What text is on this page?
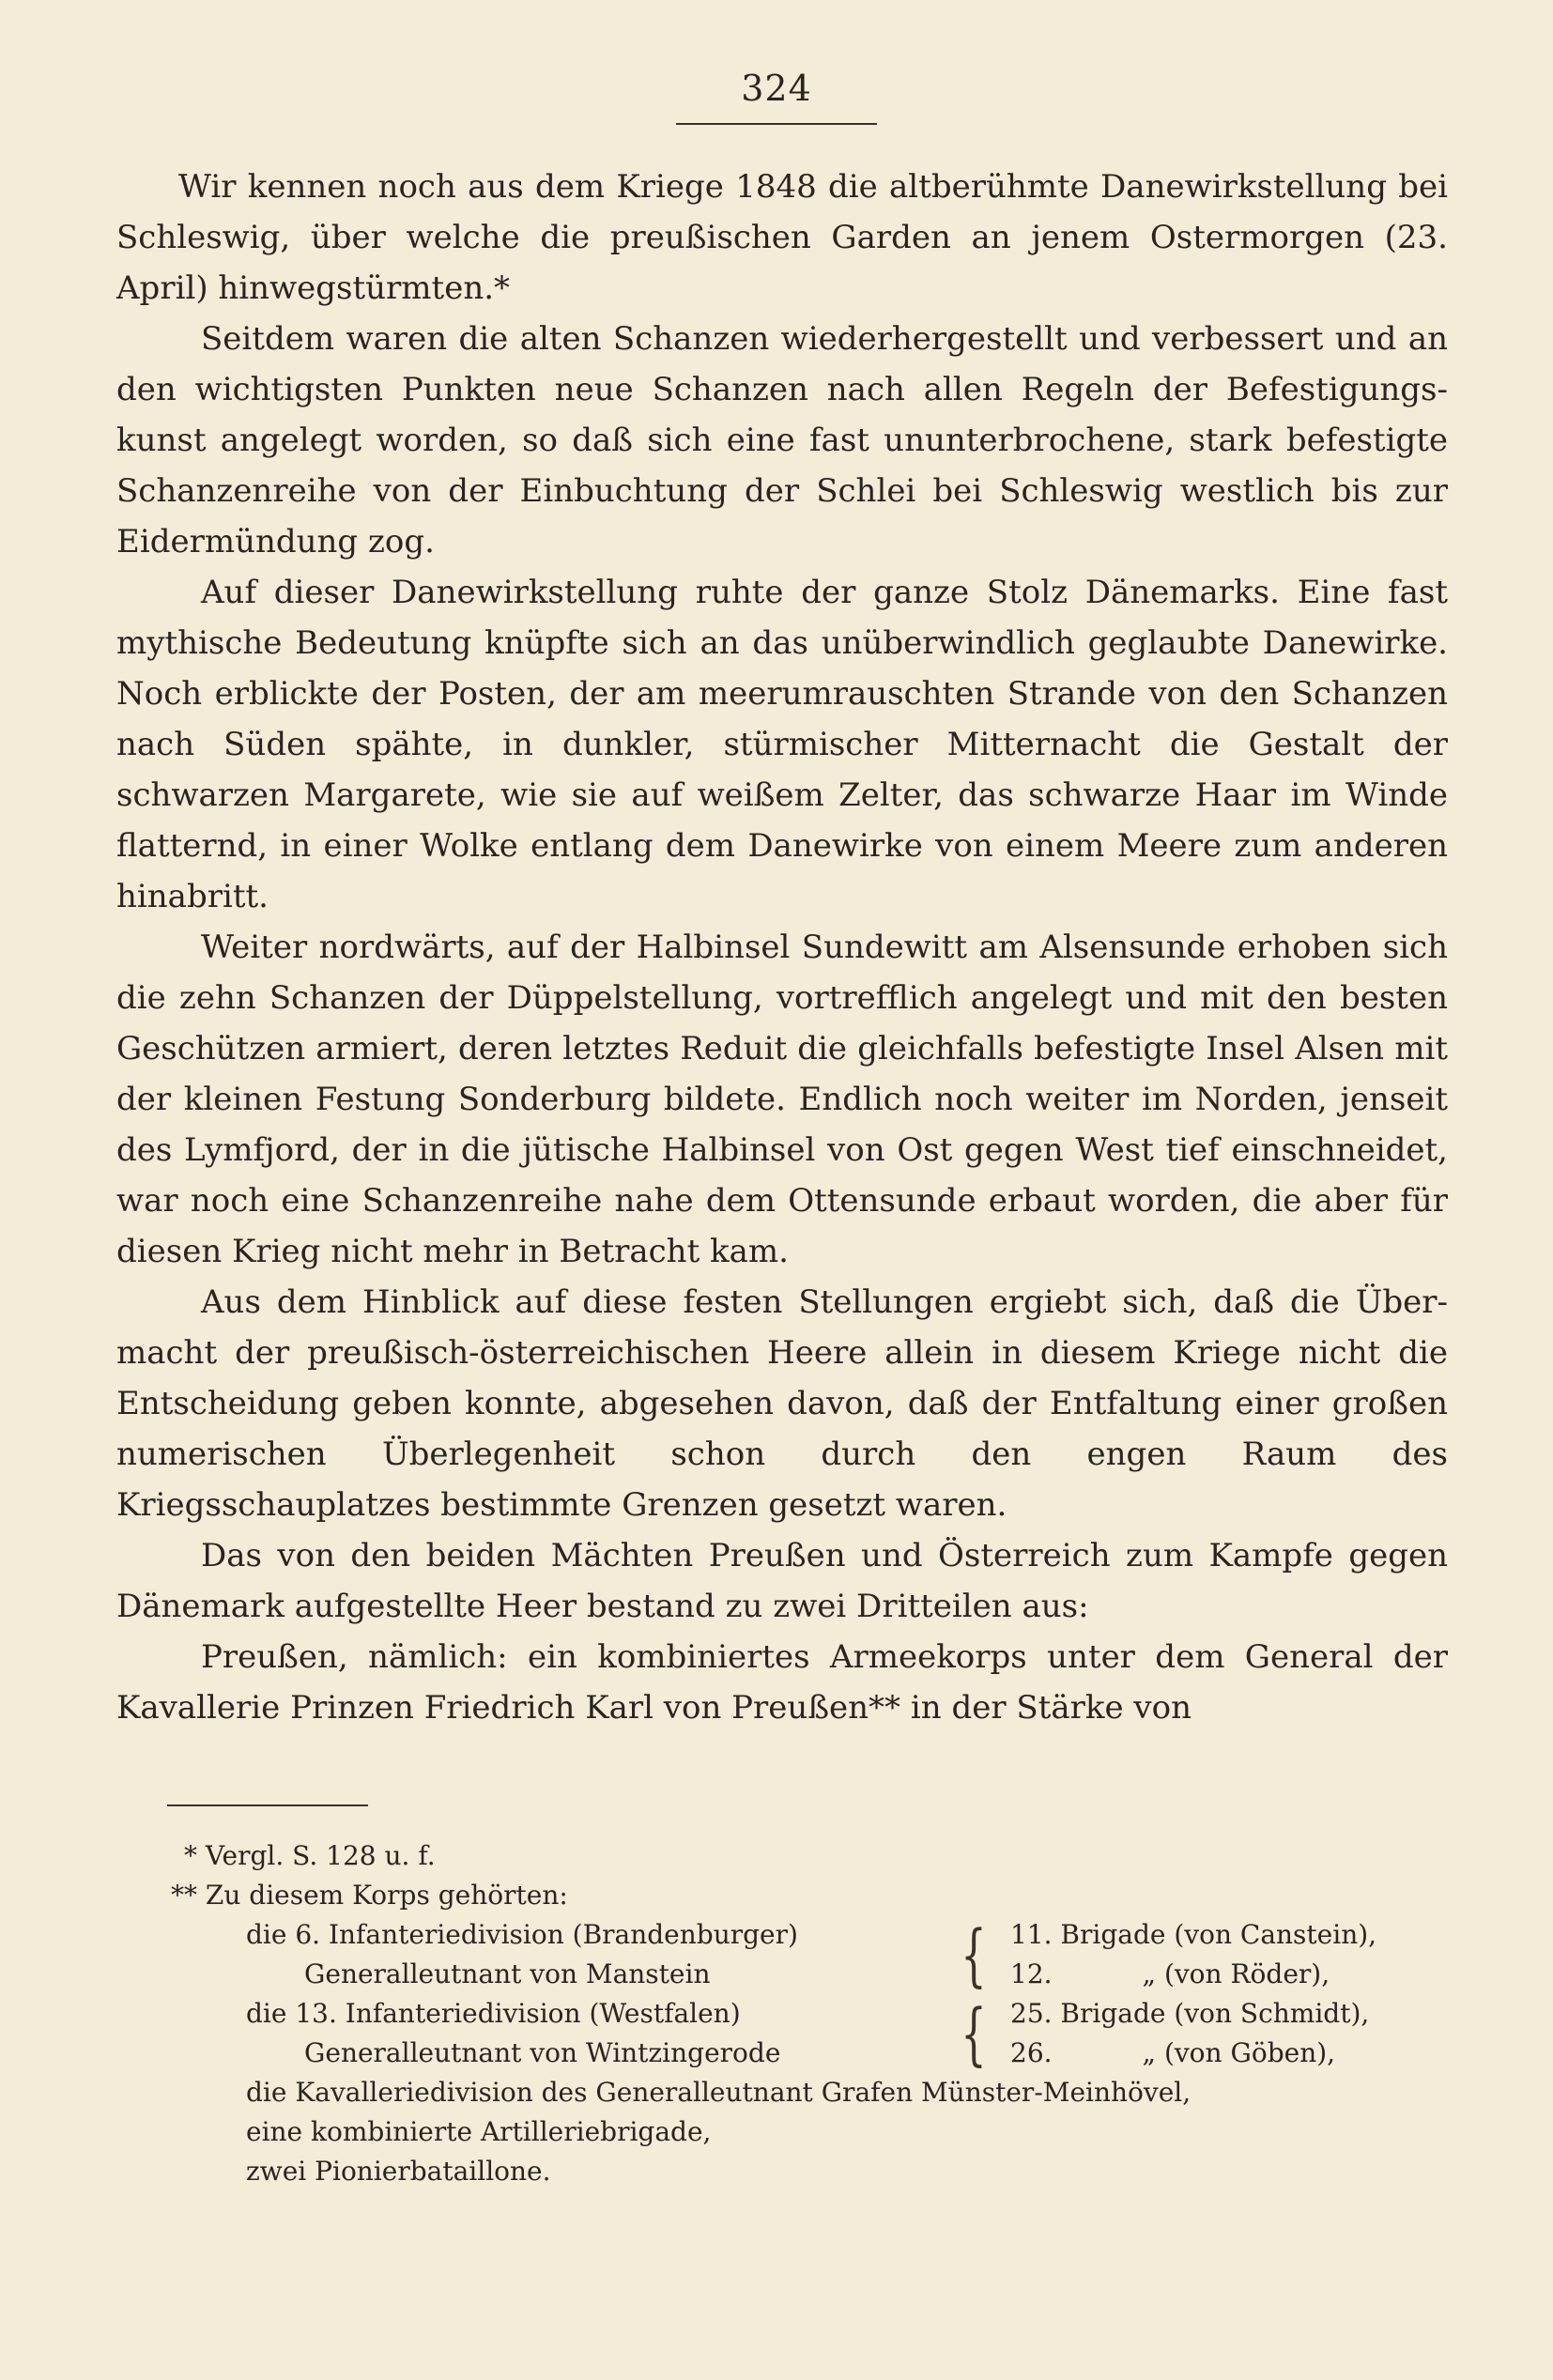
324

Wir kennen noch aus dem Kriege 1848 die altberühmte Danewirkstellung bei Schleswig, über welche die preußischen Garden an jenem Ostermorgen (23. April) hinwegstürmten.*

Seitdem waren die alten Schanzen wiederhergestellt und verbessert und an den wichtigsten Punkten neue Schanzen nach allen Regeln der Befestigungskunst angelegt worden, so daß sich eine fast ununterbrochene, stark befestigte Schanzenreihe von der Einbuchtung der Schlei bei Schleswig westlich bis zur Eidermündung zog.

Auf dieser Danewirkstellung ruhte der ganze Stolz Dänemarks. Eine fast mythische Bedeutung knüpfte sich an das unüberwindlich geglaubte Danewirke. Noch erblickte der Posten, der am meerumrauschten Strande von den Schanzen nach Süden spähte, in dunkler, stürmischer Mitternacht die Gestalt der schwarzen Margarete, wie sie auf weißem Zelter, das schwarze Haar im Winde flatternd, in einer Wolke entlang dem Danewirke von einem Meere zum anderen hinabritt.

Weiter nordwärts, auf der Halbinsel Sundewitt am Alsensunde erhoben sich die zehn Schanzen der Düppelstellung, vortrefflich angelegt und mit den besten Geschützen armiert, deren letztes Reduit die gleichfalls befestigte Insel Alsen mit der kleinen Festung Sonderburg bildete. Endlich noch weiter im Norden, jenseit des Lymfjord, der in die jütische Halbinsel von Ost gegen West tief einschneidet, war noch eine Schanzenreihe nahe dem Ottensunde erbaut worden, die aber für diesen Krieg nicht mehr in Betracht kam.

Aus dem Hinblick auf diese festen Stellungen ergiebt sich, daß die Übermacht der preußisch-österreichischen Heere allein in diesem Kriege nicht die Entscheidung geben konnte, abgesehen davon, daß der Entfaltung einer großen numerischen Überlegenheit schon durch den engen Raum des Kriegsschauplatzes bestimmte Grenzen gesetzt waren.

Das von den beiden Mächten Preußen und Österreich zum Kampfe gegen Dänemark aufgestellte Heer bestand zu zwei Dritteilen aus:

Preußen, nämlich: ein kombiniertes Armeekorps unter dem General der Kavallerie Prinzen Friedrich Karl von Preußen** in der Stärke von

* Vergl. S. 128 u. f.
** Zu diesem Korps gehörten:
die 6. Infanteriedivision (Brandenburger)
Generalleutnant von Manstein	{ 11. Brigade (von Canstein),
12.	„ (von Röder),
die 13. Infanteriedivision (Westfalen)
Generalleutnant von Wintzingerode	{ 25. Brigade (von Schmidt),
26.	„ (von Göben),
die Kavalleriedivision des Generalleutnant Grafen Münster-Meinhövel,
eine kombinierte Artilleriebrigade,
zwei Pionierbataillone.
